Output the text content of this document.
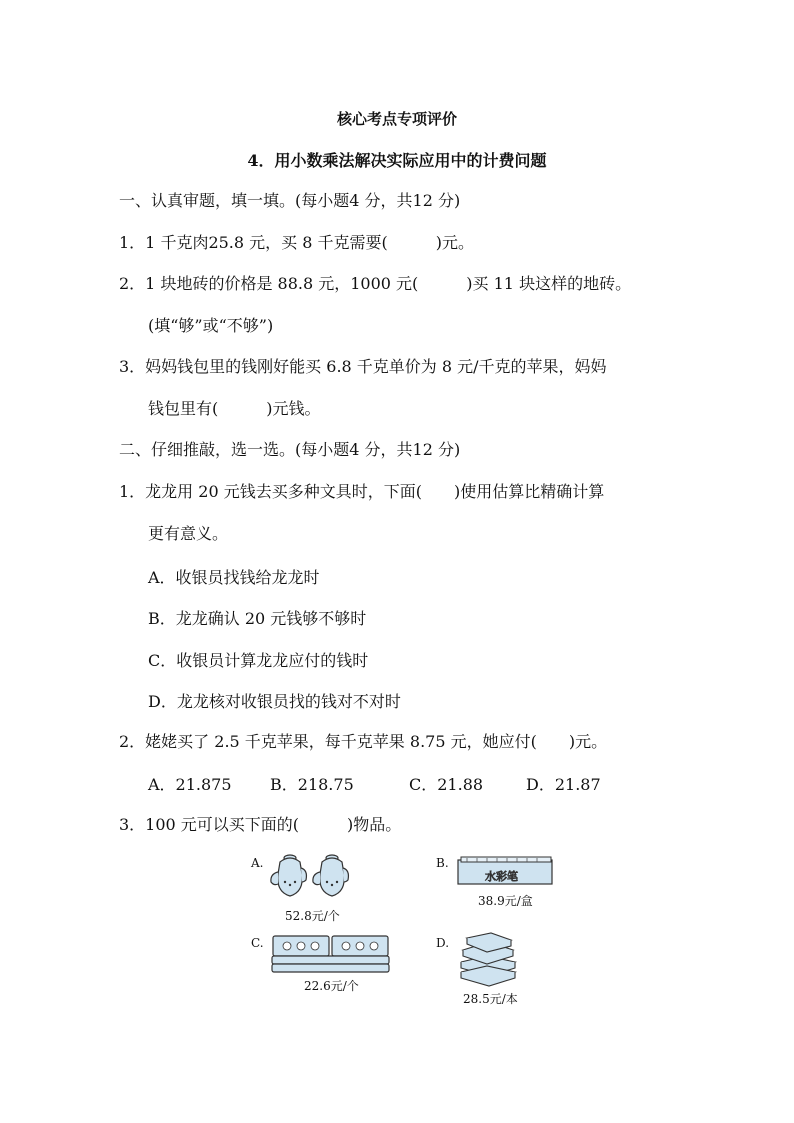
核心考点专项评价
4．用小数乘法解决实际应用中的计费问题
一、认真审题，填一填。(每小题4 分，共12 分)
1．1 千克肉25.8 元，买 8 千克需要(　　　)元。
2．1 块地砖的价格是 88.8 元，1000 元(　　　)买 11 块这样的地砖。
(填“够”或“不够”)
3．妈妈钱包里的钱刚好能买 6.8 千克单价为 8 元/千克的苹果，妈妈
钱包里有(　　　)元钱。
二、仔细推敲，选一选。(每小题4 分，共12 分)
1．龙龙用 20 元钱去买多种文具时，下面(　　)使用估算比精确计算
更有意义。
A．收银员找钱给龙龙时
B．龙龙确认 20 元钱够不够时
C．收银员计算龙龙应付的钱时
D．龙龙核对收银员找的钱对不对时
2．姥姥买了 2.5 千克苹果，每千克苹果 8.75 元，她应付(　　)元。
A．21.875 B．218.75	C．21.88	D．21.87
3．100 元可以买下面的(　　　)物品。
A.
52.8元/个
B.
水彩笔
38.9元/盒
C.
22.6元/个
D.
28.5元/本
